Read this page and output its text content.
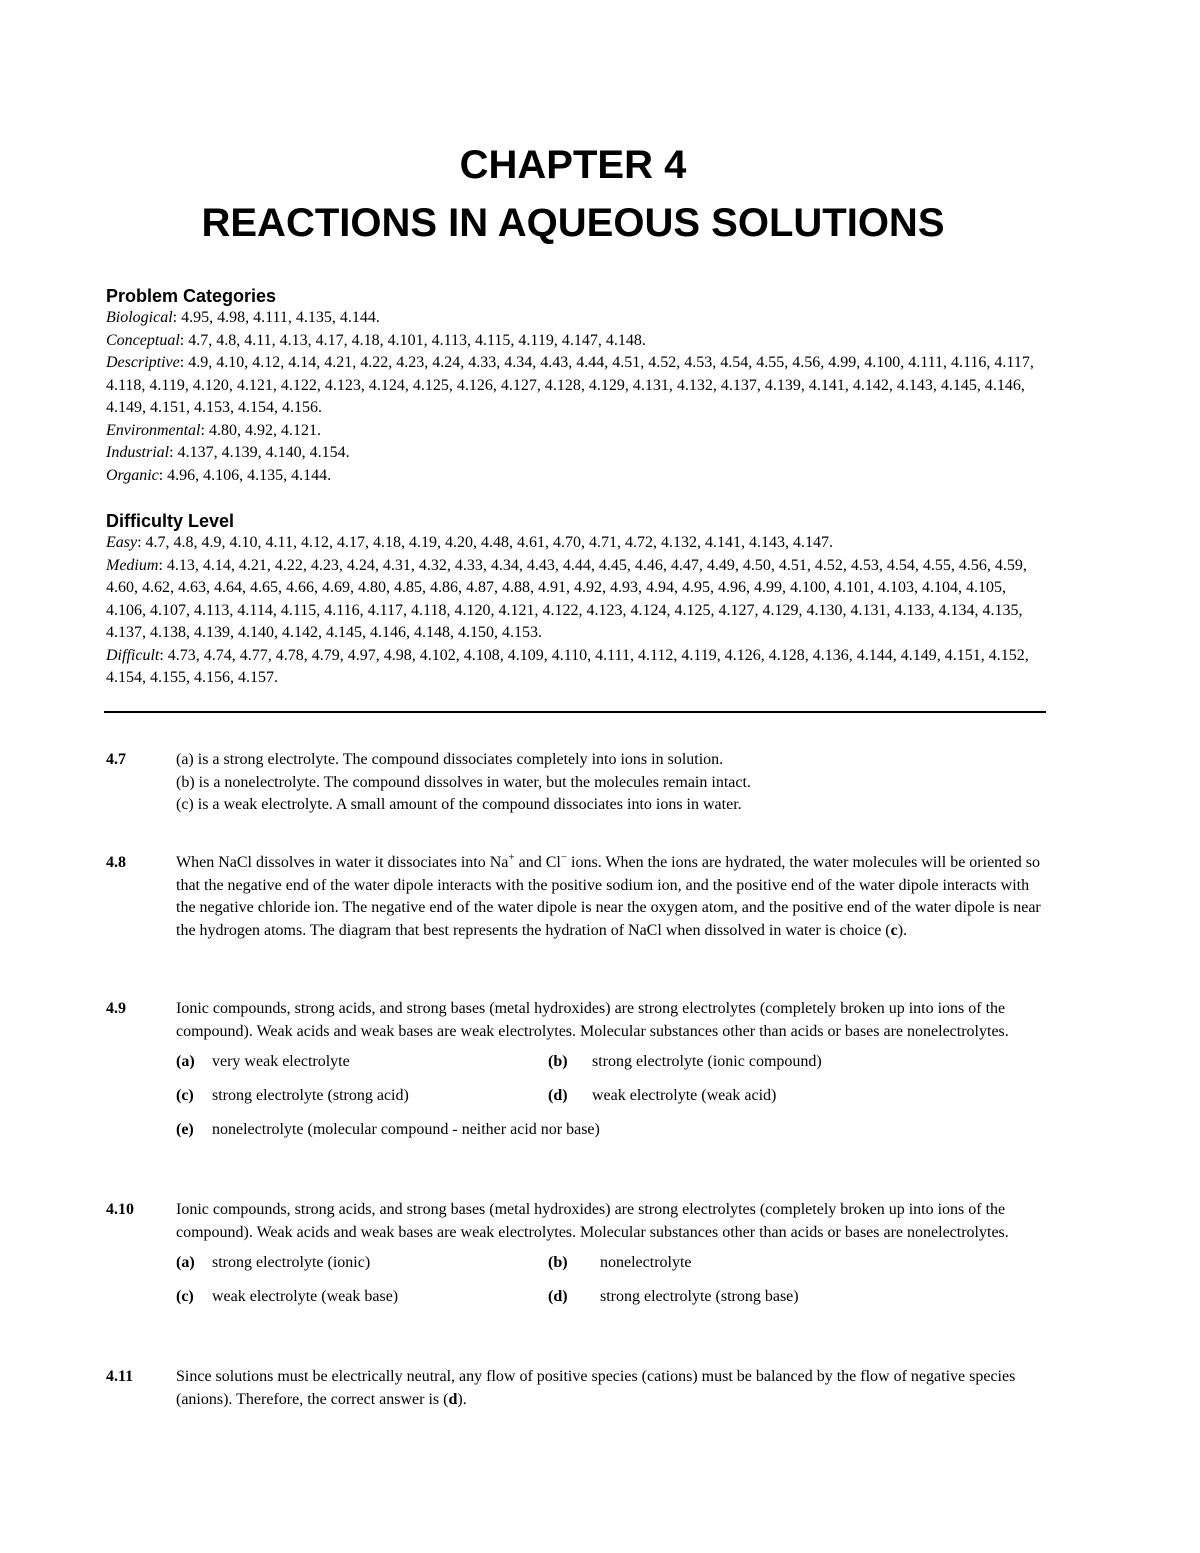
CHAPTER 4
REACTIONS IN AQUEOUS SOLUTIONS
Problem Categories

Biological: 4.95, 4.98, 4.111, 4.135, 4.144.

Conceptual: 4.7, 4.8, 4.11, 4.13, 4.17, 4.18, 4.101, 4.113, 4.115, 4.119, 4.147, 4.148.

Descriptive: 4.9, 4.10, 4.12, 4.14, 4.21, 4.22, 4.23, 4.24, 4.33, 4.34, 4.43, 4.44, 4.51, 4.52, 4.53, 4.54, 4.55, 4.56, 4.99, 4.100, 4.111, 4.116, 4.117, 4.118, 4.119, 4.120, 4.121, 4.122, 4.123, 4.124, 4.125, 4.126, 4.127, 4.128, 4.129, 4.131, 4.132, 4.137, 4.139, 4.141, 4.142, 4.143, 4.145, 4.146, 4.149, 4.151, 4.153, 4.154, 4.156.

Environmental: 4.80, 4.92, 4.121.

Industrial: 4.137, 4.139, 4.140, 4.154.

Organic: 4.96, 4.106, 4.135, 4.144.

Difficulty Level

Easy: 4.7, 4.8, 4.9, 4.10, 4.11, 4.12, 4.17, 4.18, 4.19, 4.20, 4.48, 4.61, 4.70, 4.71, 4.72, 4.132, 4.141, 4.143, 4.147.

Medium: 4.13, 4.14, 4.21, 4.22, 4.23, 4.24, 4.31, 4.32, 4.33, 4.34, 4.43, 4.44, 4.45, 4.46, 4.47, 4.49, 4.50, 4.51, 4.52, 4.53, 4.54, 4.55, 4.56, 4.59, 4.60, 4.62, 4.63, 4.64, 4.65, 4.66, 4.69, 4.80, 4.85, 4.86, 4.87, 4.88, 4.91, 4.92, 4.93, 4.94, 4.95, 4.96, 4.99, 4.100, 4.101, 4.103, 4.104, 4.105, 4.106, 4.107, 4.113, 4.114, 4.115, 4.116, 4.117, 4.118, 4.120, 4.121, 4.122, 4.123, 4.124, 4.125, 4.127, 4.129, 4.130, 4.131, 4.133, 4.134, 4.135, 4.137, 4.138, 4.139, 4.140, 4.142, 4.145, 4.146, 4.148, 4.150, 4.153.

Difficult: 4.73, 4.74, 4.77, 4.78, 4.79, 4.97, 4.98, 4.102, 4.108, 4.109, 4.110, 4.111, 4.112, 4.119, 4.126, 4.128, 4.136, 4.144, 4.149, 4.151, 4.152, 4.154, 4.155, 4.156, 4.157.

4.7	(a) is a strong electrolyte. The compound dissociates completely into ions in solution.

(b) is a nonelectrolyte. The compound dissolves in water, but the molecules remain intact.

(c) is a weak electrolyte. A small amount of the compound dissociates into ions in water.

4.8	When NaCl dissolves in water it dissociates into Na+ and Cl− ions. When the ions are hydrated, the water molecules will be oriented so that the negative end of the water dipole interacts with the positive sodium ion, and the positive end of the water dipole interacts with the negative chloride ion. The negative end of the water dipole is near the oxygen atom, and the positive end of the water dipole is near the hydrogen atoms. The diagram that best represents the hydration of NaCl when dissolved in water is choice (c).

4.9	Ionic compounds, strong acids, and strong bases (metal hydroxides) are strong electrolytes (completely broken up into ions of the compound). Weak acids and weak bases are weak electrolytes. Molecular substances other than acids or bases are nonelectrolytes.

(a)	very weak electrolyte	(b)	strong electrolyte (ionic compound)
(c)	strong electrolyte (strong acid)	(d)	weak electrolyte (weak acid)
(e)	nonelectrolyte (molecular compound - neither acid nor base)
4.10	Ionic compounds, strong acids, and strong bases (metal hydroxides) are strong electrolytes (completely broken up into ions of the compound). Weak acids and weak bases are weak electrolytes. Molecular substances other than acids or bases are nonelectrolytes.

(a)	strong electrolyte (ionic)	(b)	nonelectrolyte
(c)	weak electrolyte (weak base)	(d)	strong electrolyte (strong base)
4.11	Since solutions must be electrically neutral, any flow of positive species (cations) must be balanced by the flow of negative species (anions). Therefore, the correct answer is (d).
